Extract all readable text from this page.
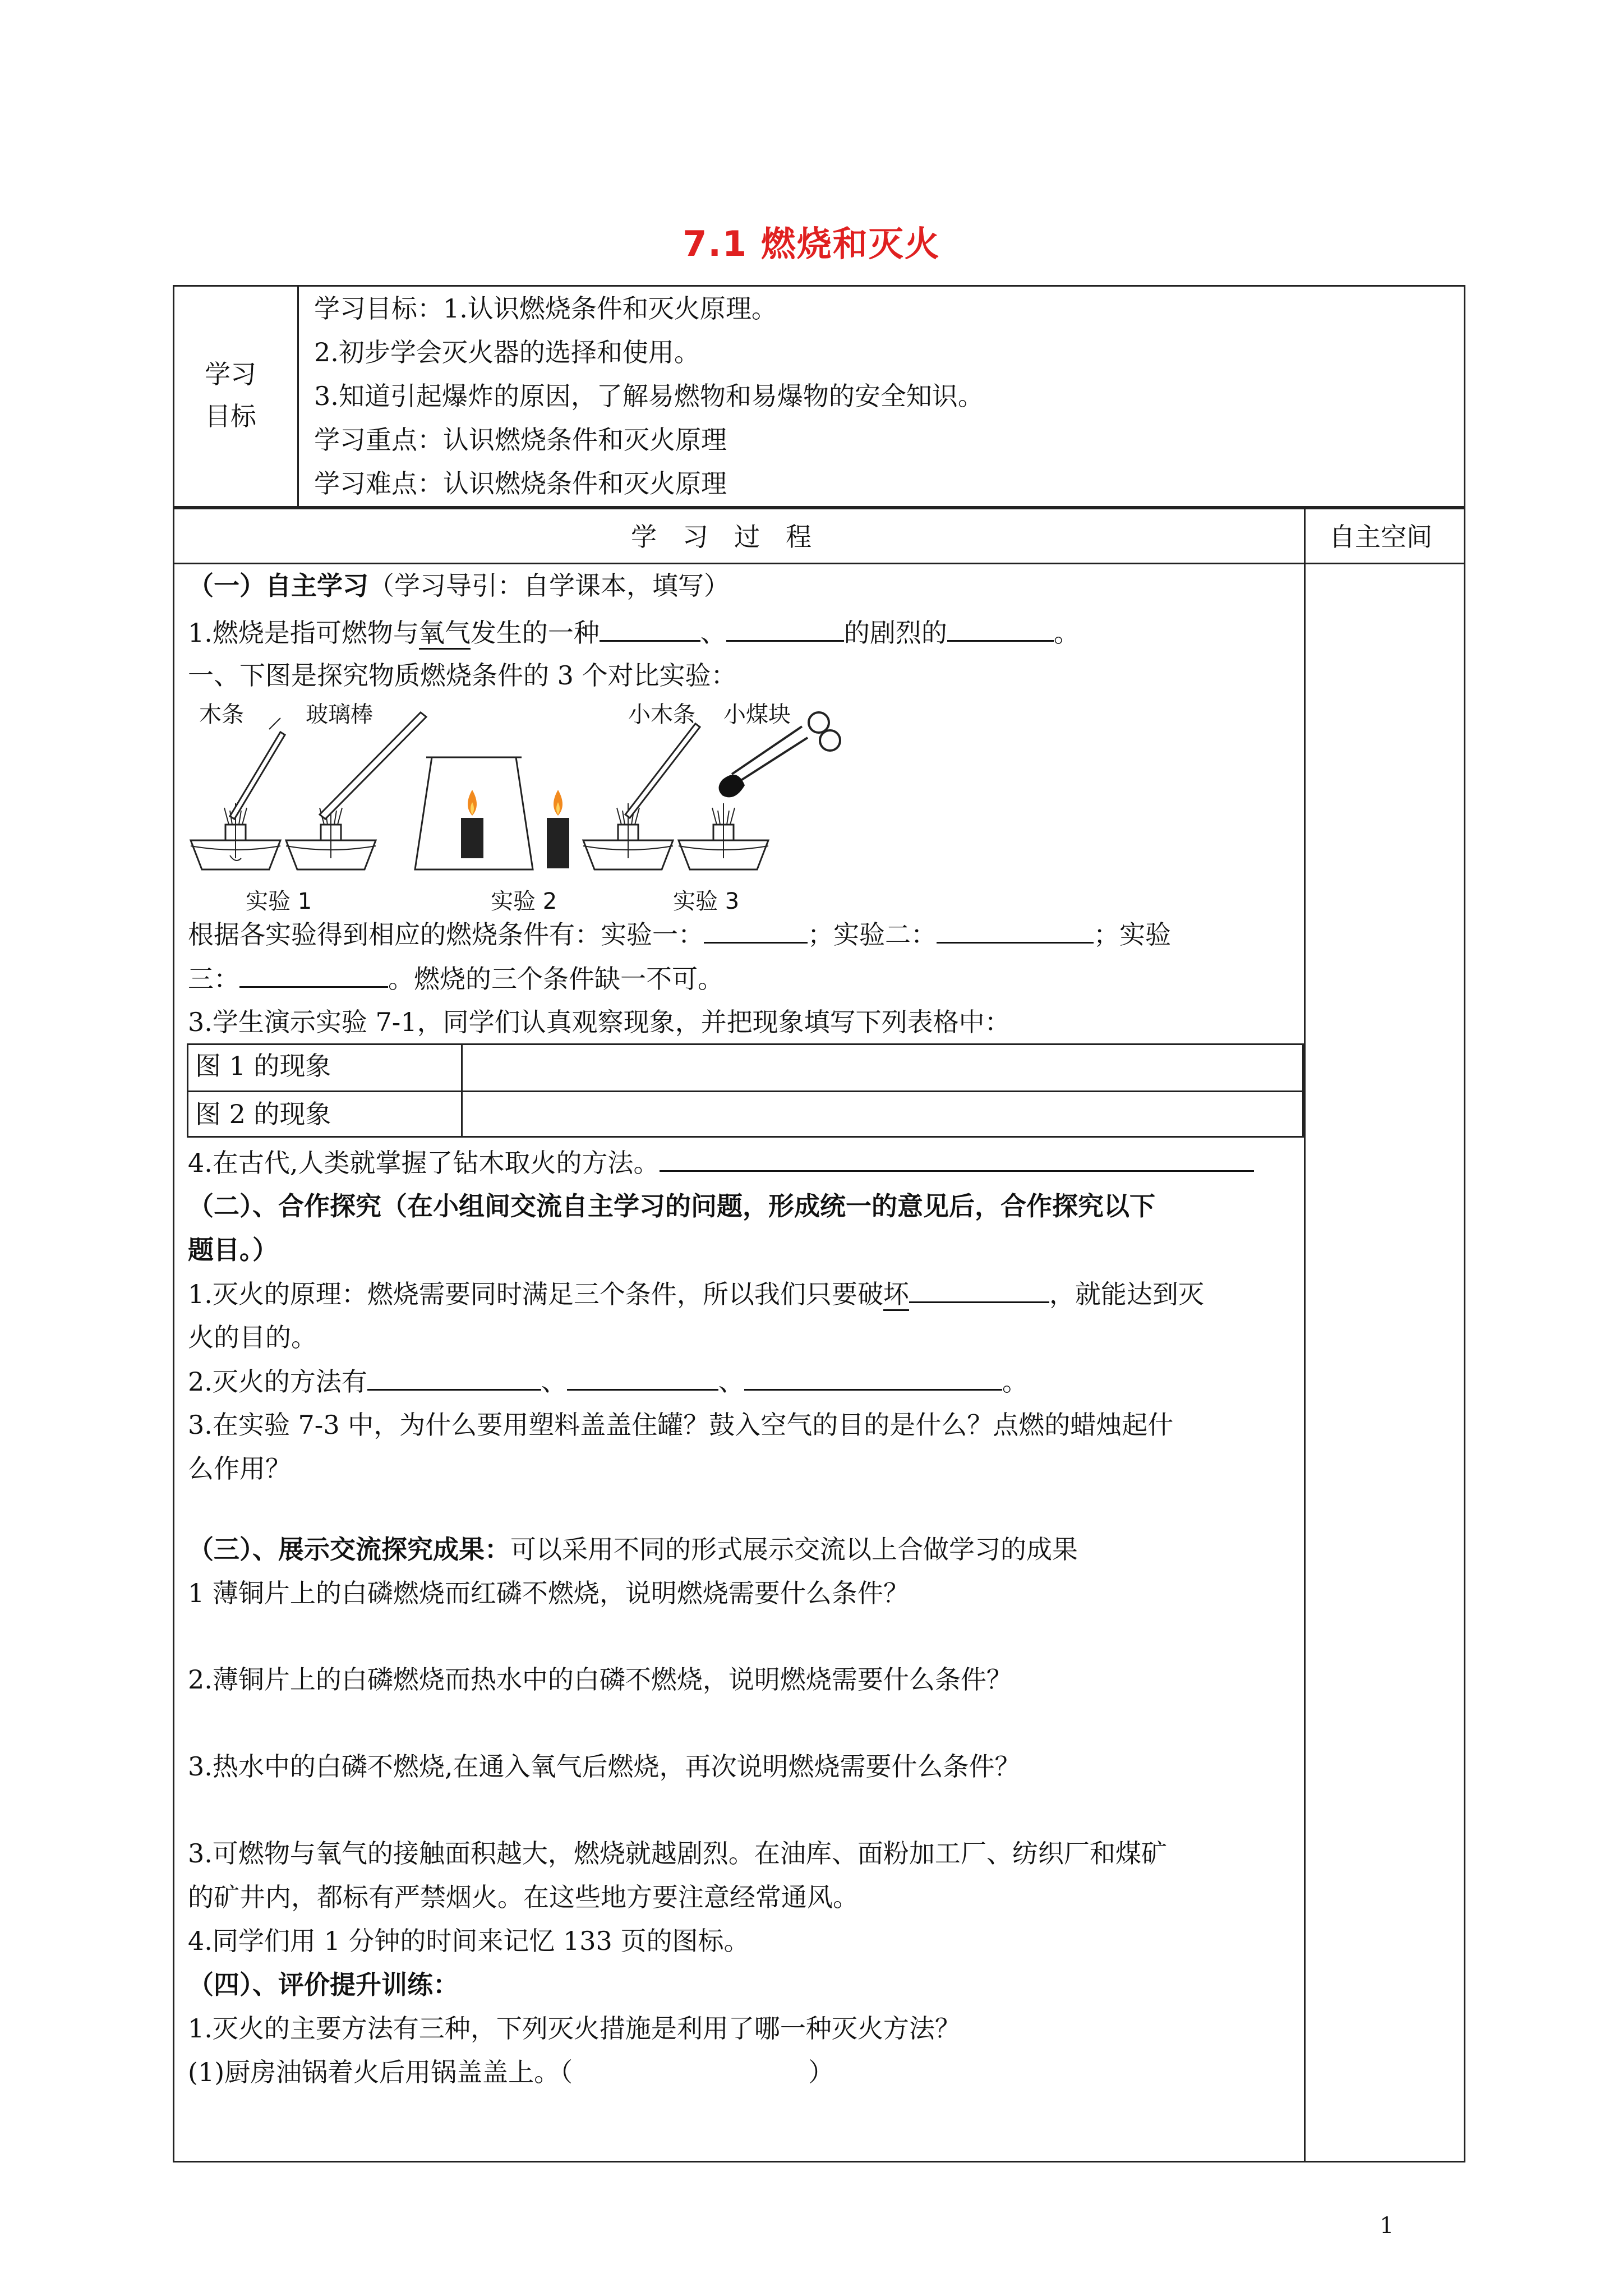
7.1 燃烧和灭火
学习
目标
学习目标：1.认识燃烧条件和灭火原理。
2.初步学会灭火器的选择和使用。
3.知道引起爆炸的原因，了解易燃物和易爆物的安全知识。
学习重点：认识燃烧条件和灭火原理
学习难点：认识燃烧条件和灭火原理
学　习　过　程	自主空间
（一）自主学习（学习导引：自学课本，填写）
1.燃烧是指可燃物与氧气发生的一种	、	的剧烈的	。
一、下图是探究物质燃烧条件的 3 个对比实验：
木条	玻璃棒	小木条 小煤块
实验 1	实验 2	实验 3
根据各实验得到相应的燃烧条件有：实验一：	；实验二：	；实验
三：	。燃烧的三个条件缺一不可。
3.学生演示实验 7-1，同学们认真观察现象，并把现象填写下列表格中：
图 1 的现象
图 2 的现象
4.在古代,人类就掌握了钻木取火的方法。
（二）、合作探究（在小组间交流自主学习的问题，形成统一的意见后，合作探究以下
题目。）
1.灭火的原理：燃烧需要同时满足三个条件，所以我们只要破坏	，就能达到灭
火的目的。
2.灭火的方法有	、	、	。
3.在实验 7-3 中，为什么要用塑料盖盖住罐？鼓入空气的目的是什么？点燃的蜡烛起什
么作用？
（三）、展示交流探究成果：可以采用不同的形式展示交流以上合做学习的成果
1 薄铜片上的白磷燃烧而红磷不燃烧，说明燃烧需要什么条件？
2.薄铜片上的白磷燃烧而热水中的白磷不燃烧，说明燃烧需要什么条件？
3.热水中的白磷不燃烧,在通入氧气后燃烧，再次说明燃烧需要什么条件？
3.可燃物与氧气的接触面积越大，燃烧就越剧烈。在油库、面粉加工厂、纺织厂和煤矿
的矿井内，都标有严禁烟火。在这些地方要注意经常通风。
4.同学们用 1 分钟的时间来记忆 133 页的图标。
（四）、评价提升训练：
1.灭火的主要方法有三种，下列灭火措施是利用了哪一种灭火方法？
(1)厨房油锅着火后用锅盖盖上。（	）
1
